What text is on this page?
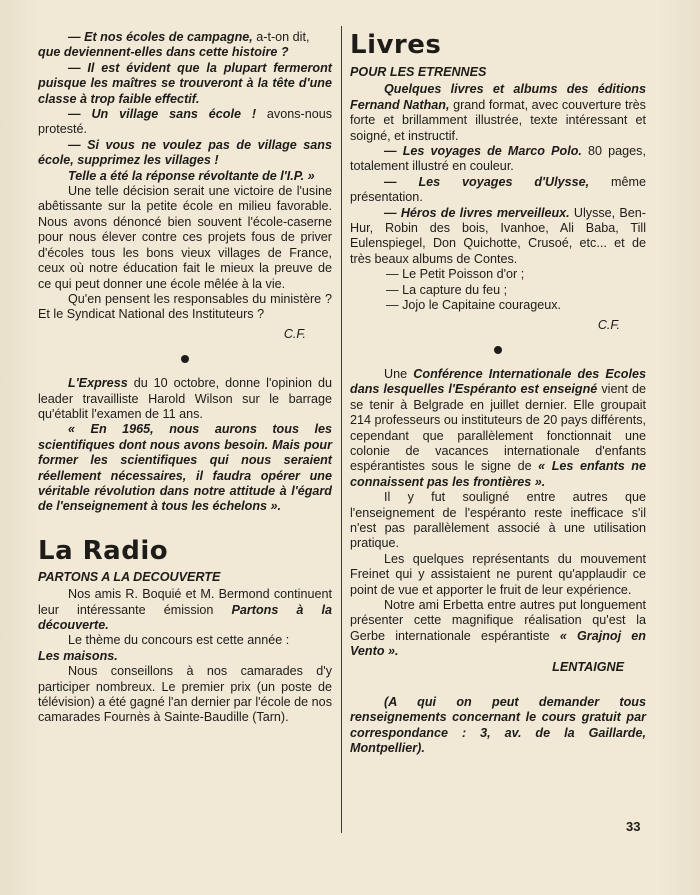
— Et nos écoles de campagne, a-t-on dit,

que deviennent-elles dans cette histoire ?

— Il est évident que la plupart fermeront puisque les maîtres se trouveront à la tête d'une classe à trop faible effectif.

— Un village sans école ! avons-nous protesté.

— Si vous ne voulez pas de village sans école, supprimez les villages !

Telle a été la réponse révoltante de l'I.P. »

Une telle décision serait une victoire de l'usine abêtissante sur la petite école en milieu favorable. Nous avons dénoncé bien souvent l'école-caserne pour nous élever contre ces projets fous de priver d'écoles tous les bons vieux villages de France, ceux où notre éducation fait le mieux la preuve de ce qui peut donner une école mêlée à la vie.

Qu'en pensent les responsables du ministère ? Et le Syndicat National des Instituteurs ?

C.F.

L'Express du 10 octobre, donne l'opinion du leader travailliste Harold Wilson sur le barrage qu'établit l'examen de 11 ans.

« En 1965, nous aurons tous les scientifiques dont nous avons besoin. Mais pour former les scientifiques qui nous seraient réellement nécessaires, il faudra opérer une véritable révolution dans notre attitude à l'égard de l'enseignement à tous les échelons ».

La Radio
PARTONS A LA DECOUVERTE

Nos amis R. Boquié et M. Bermond continuent leur intéressante émission Partons à la découverte.

Le thème du concours est cette année :

Les maisons.

Nous conseillons à nos camarades d'y participer nombreux. Le premier prix (un poste de télévision) a été gagné l'an dernier par l'école de nos camarades Fournès à Sainte-Baudille (Tarn).

Livres
POUR LES ETRENNES

Quelques livres et albums des éditions Fernand Nathan, grand format, avec couverture très forte et brillamment illustrée, texte intéressant et soigné, et instructif.

— Les voyages de Marco Polo. 80 pages, totalement illustré en couleur.

— Les voyages d'Ulysse, même présentation.

— Héros de livres merveilleux. Ulysse, Ben-Hur, Robin des bois, Ivanhoe, Ali Baba, Till Eulenspiegel, Don Quichotte, Crusoé, etc... et de très beaux albums de Contes.

— Le Petit Poisson d'or ;
— La capture du feu ;
— Jojo le Capitaine courageux.

C.F.

Une Conférence Internationale des Ecoles dans lesquelles l'Espéranto est enseigné vient de se tenir à Belgrade en juillet dernier. Elle groupait 214 professeurs ou instituteurs de 20 pays différents, cependant que parallèlement fonctionnait une colonie de vacances internationale d'enfants espérantistes sous le signe de « Les enfants ne connaissent pas les frontières ».

Il y fut souligné entre autres que l'enseignement de l'espéranto reste inefficace s'il n'est pas parallèlement associé à une utilisation pratique.

Les quelques représentants du mouvement Freinet qui y assistaient ne purent qu'applaudir ce point de vue et apporter le fruit de leur expérience.

Notre ami Erbetta entre autres put longuement présenter cette magnifique réalisation qu'est la Gerbe internationale espérantiste « Grajnoj en Vento ».

LENTAIGNE

(A qui on peut demander tous renseignements concernant le cours gratuit par correspondance : 3, av. de la Gaillarde, Montpellier).

33
